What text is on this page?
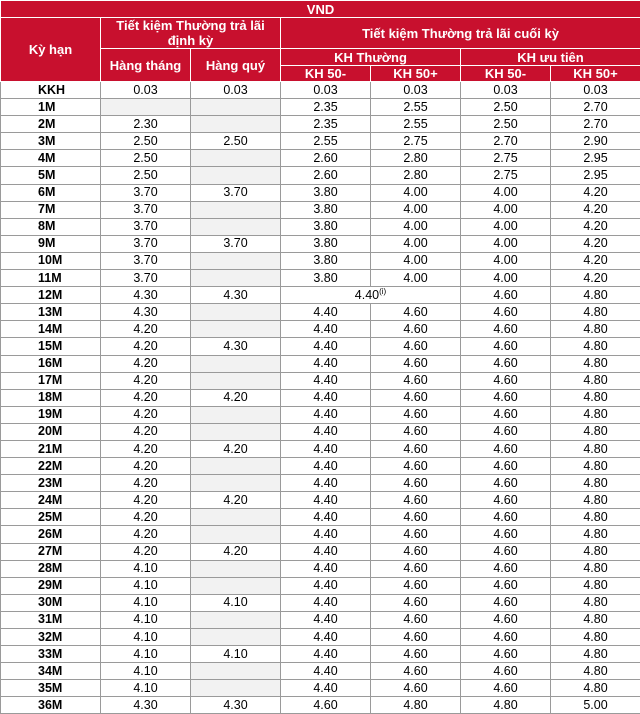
VND						
Kỳ hạn	Tiết kiệm Thường trả lãi định kỳ		Tiết kiệm Thường trả lãi cuối kỳ			
	Hàng tháng	Hàng quý	KH Thường		KH ưu tiên	
			KH 50-	KH 50+	KH 50-	KH 50+
KKH	0.03	0.03	0.03	0.03	0.03	0.03
1M			2.35	2.55	2.50	2.70
2M	2.30		2.35	2.55	2.50	2.70
3M	2.50	2.50	2.55	2.75	2.70	2.90
4M	2.50		2.60	2.80	2.75	2.95
5M	2.50		2.60	2.80	2.75	2.95
6M	3.70	3.70	3.80	4.00	4.00	4.20
7M	3.70		3.80	4.00	4.00	4.20
8M	3.70		3.80	4.00	4.00	4.20
9M	3.70	3.70	3.80	4.00	4.00	4.20
10M	3.70		3.80	4.00	4.00	4.20
11M	3.70		3.80	4.00	4.00	4.20
12M	4.30	4.30	4.40$^{(i)}$		4.60	4.80
13M	4.30		4.40	4.60	4.60	4.80
14M	4.20		4.40	4.60	4.60	4.80
15M	4.20	4.30	4.40	4.60	4.60	4.80
16M	4.20		4.40	4.60	4.60	4.80
17M	4.20		4.40	4.60	4.60	4.80
18M	4.20	4.20	4.40	4.60	4.60	4.80
19M	4.20		4.40	4.60	4.60	4.80
20M	4.20		4.40	4.60	4.60	4.80
21M	4.20	4.20	4.40	4.60	4.60	4.80
22M	4.20		4.40	4.60	4.60	4.80
23M	4.20		4.40	4.60	4.60	4.80
24M	4.20	4.20	4.40	4.60	4.60	4.80
25M	4.20		4.40	4.60	4.60	4.80
26M	4.20		4.40	4.60	4.60	4.80
27M	4.20	4.20	4.40	4.60	4.60	4.80
28M	4.10		4.40	4.60	4.60	4.80
29M	4.10		4.40	4.60	4.60	4.80
30M	4.10	4.10	4.40	4.60	4.60	4.80
31M	4.10		4.40	4.60	4.60	4.80
32M	4.10		4.40	4.60	4.60	4.80
33M	4.10	4.10	4.40	4.60	4.60	4.80
34M	4.10		4.40	4.60	4.60	4.80
35M	4.10		4.40	4.60	4.60	4.80
36M	4.30	4.30	4.60	4.80	4.80	5.00
